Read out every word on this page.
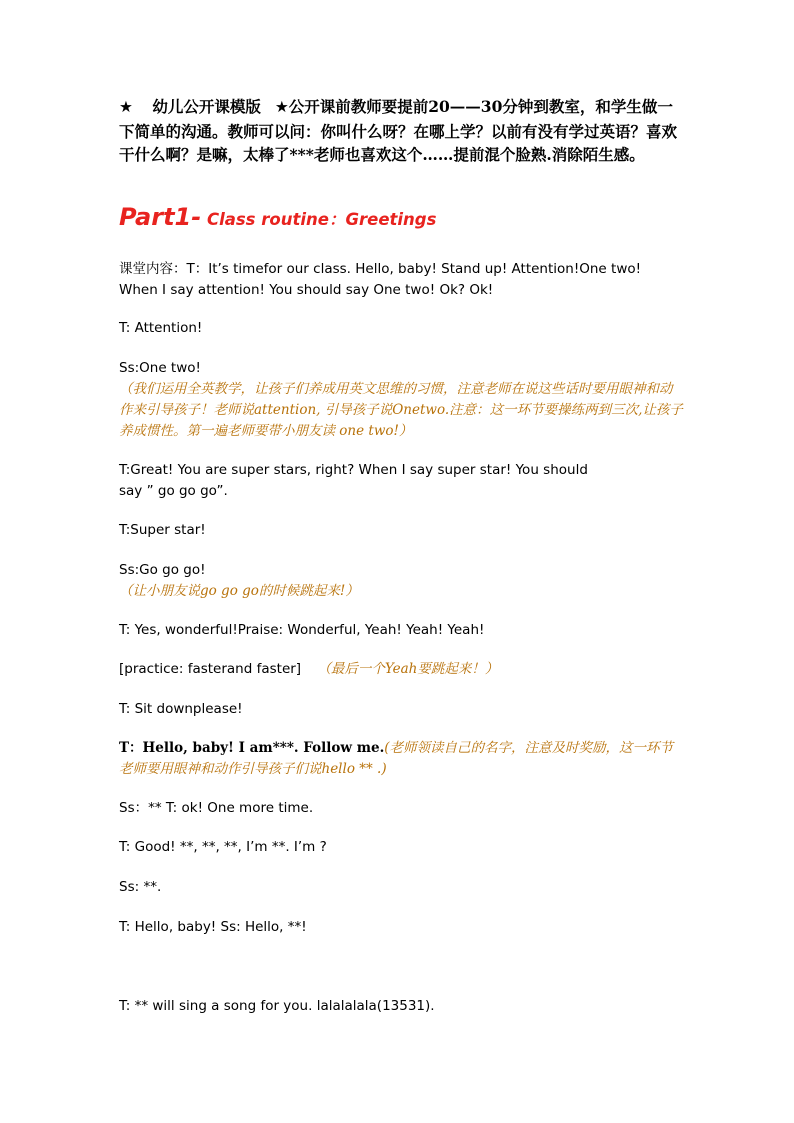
★ 幼儿公开课模版 ★公开课前教师要提前20——30分钟到教室，和学生做一下简单的沟通。教师可以问：你叫什么呀？在哪上学？以前有没有学过英语？喜欢干什么啊？是嘛，太棒了***老师也喜欢这个……提前混个脸熟.消除陌生感。
Part1- Class routine：Greetings
课堂内容：T：It’s timefor our class. Hello, baby! Stand up! Attention!One two! When I say attention! You should say One two! Ok? Ok!
T: Attention!
Ss:One two!
（我们运用全英教学，让孩子们养成用英文思维的习惯，注意老师在说这些话时要用眼神和动作来引导孩子！老师说attention, 引导孩子说Onetwo.注意：这一环节要操练两到三次,让孩子养成惯性。第一遍老师要带小朋友读 one two!）
T:Great! You are super stars, right? When I say super star! You should
say ” go go go”.
T:Super star!
Ss:Go go go!
（让小朋友说go go go的时候跳起来!）
T: Yes, wonderful!Praise: Wonderful, Yeah! Yeah! Yeah!
[practice: fasterand faster] （最后一个Yeah要跳起来！）
T: Sit downplease!
T：Hello, baby! I am***. Follow me.(老师领读自己的名字，注意及时奖励，这一环节老师要用眼神和动作引导孩子们说hello ** .)
Ss：** T: ok! One more time.
T: Good! **, **, **, I’m **. I’m ?
Ss: **.
T: Hello, baby! Ss: Hello, **!
T: ** will sing a song for you. lalalalala(13531).
